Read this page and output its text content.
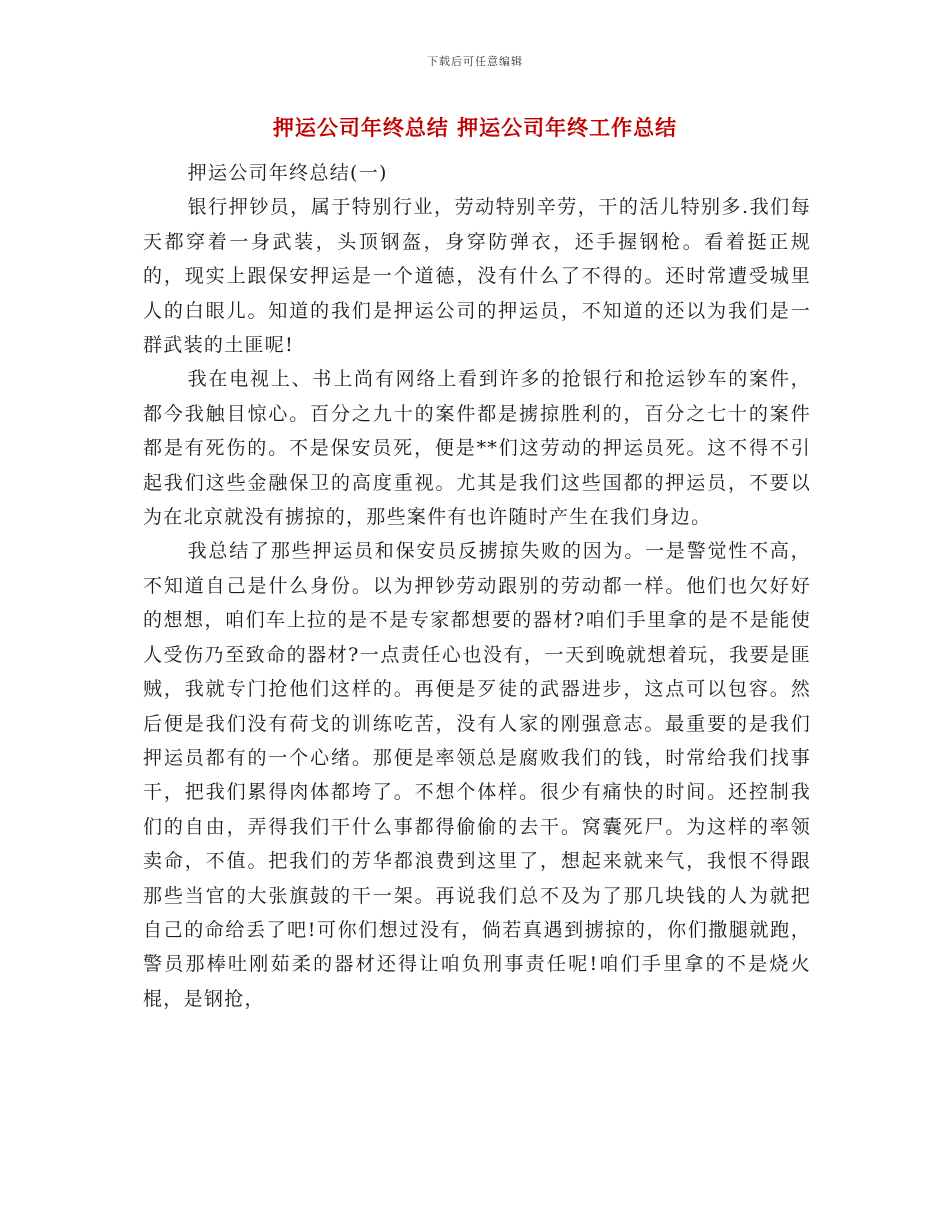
下载后可任意编辑
押运公司年终总结 押运公司年终工作总结

押运公司年终总结(一)

银行押钞员，属于特别行业，劳动特别辛劳，干的活儿特别多.我们每天都穿着一身武装，头顶钢盔，身穿防弹衣，还手握钢枪。看着挺正规的，现实上跟保安押运是一个道德，没有什么了不得的。还时常遭受城里人的白眼儿。知道的我们是押运公司的押运员，不知道的还以为我们是一群武装的土匪呢!

我在电视上、书上尚有网络上看到许多的抢银行和抢运钞车的案件，都今我触目惊心。百分之九十的案件都是掳掠胜利的，百分之七十的案件都是有死伤的。不是保安员死，便是**们这劳动的押运员死。这不得不引起我们这些金融保卫的高度重视。尤其是我们这些国都的押运员，不要以为在北京就没有掳掠的，那些案件有也许随时产生在我们身边。

我总结了那些押运员和保安员反掳掠失败的因为。一是警觉性不高，不知道自己是什么身份。以为押钞劳动跟别的劳动都一样。他们也欠好好的想想，咱们车上拉的是不是专家都想要的器材?咱们手里拿的是不是能使人受伤乃至致命的器材?一点责任心也没有，一天到晚就想着玩，我要是匪贼，我就专门抢他们这样的。再便是歹徒的武器进步，这点可以包容。然后便是我们没有荷戈的训练吃苦，没有人家的刚强意志。最重要的是我们押运员都有的一个心绪。那便是率领总是腐败我们的钱，时常给我们找事干，把我们累得肉体都垮了。不想个体样。很少有痛快的时间。还控制我们的自由，弄得我们干什么事都得偷偷的去干。窝囊死尸。为这样的率领卖命，不值。把我们的芳华都浪费到这里了，想起来就来气，我恨不得跟那些当官的大张旗鼓的干一架。再说我们总不及为了那几块钱的人为就把自己的命给丢了吧!可你们想过没有，倘若真遇到掳掠的，你们撒腿就跑，警员那棒吐刚茹柔的器材还得让咱负刑事责任呢!咱们手里拿的不是烧火棍，是钢抢，
